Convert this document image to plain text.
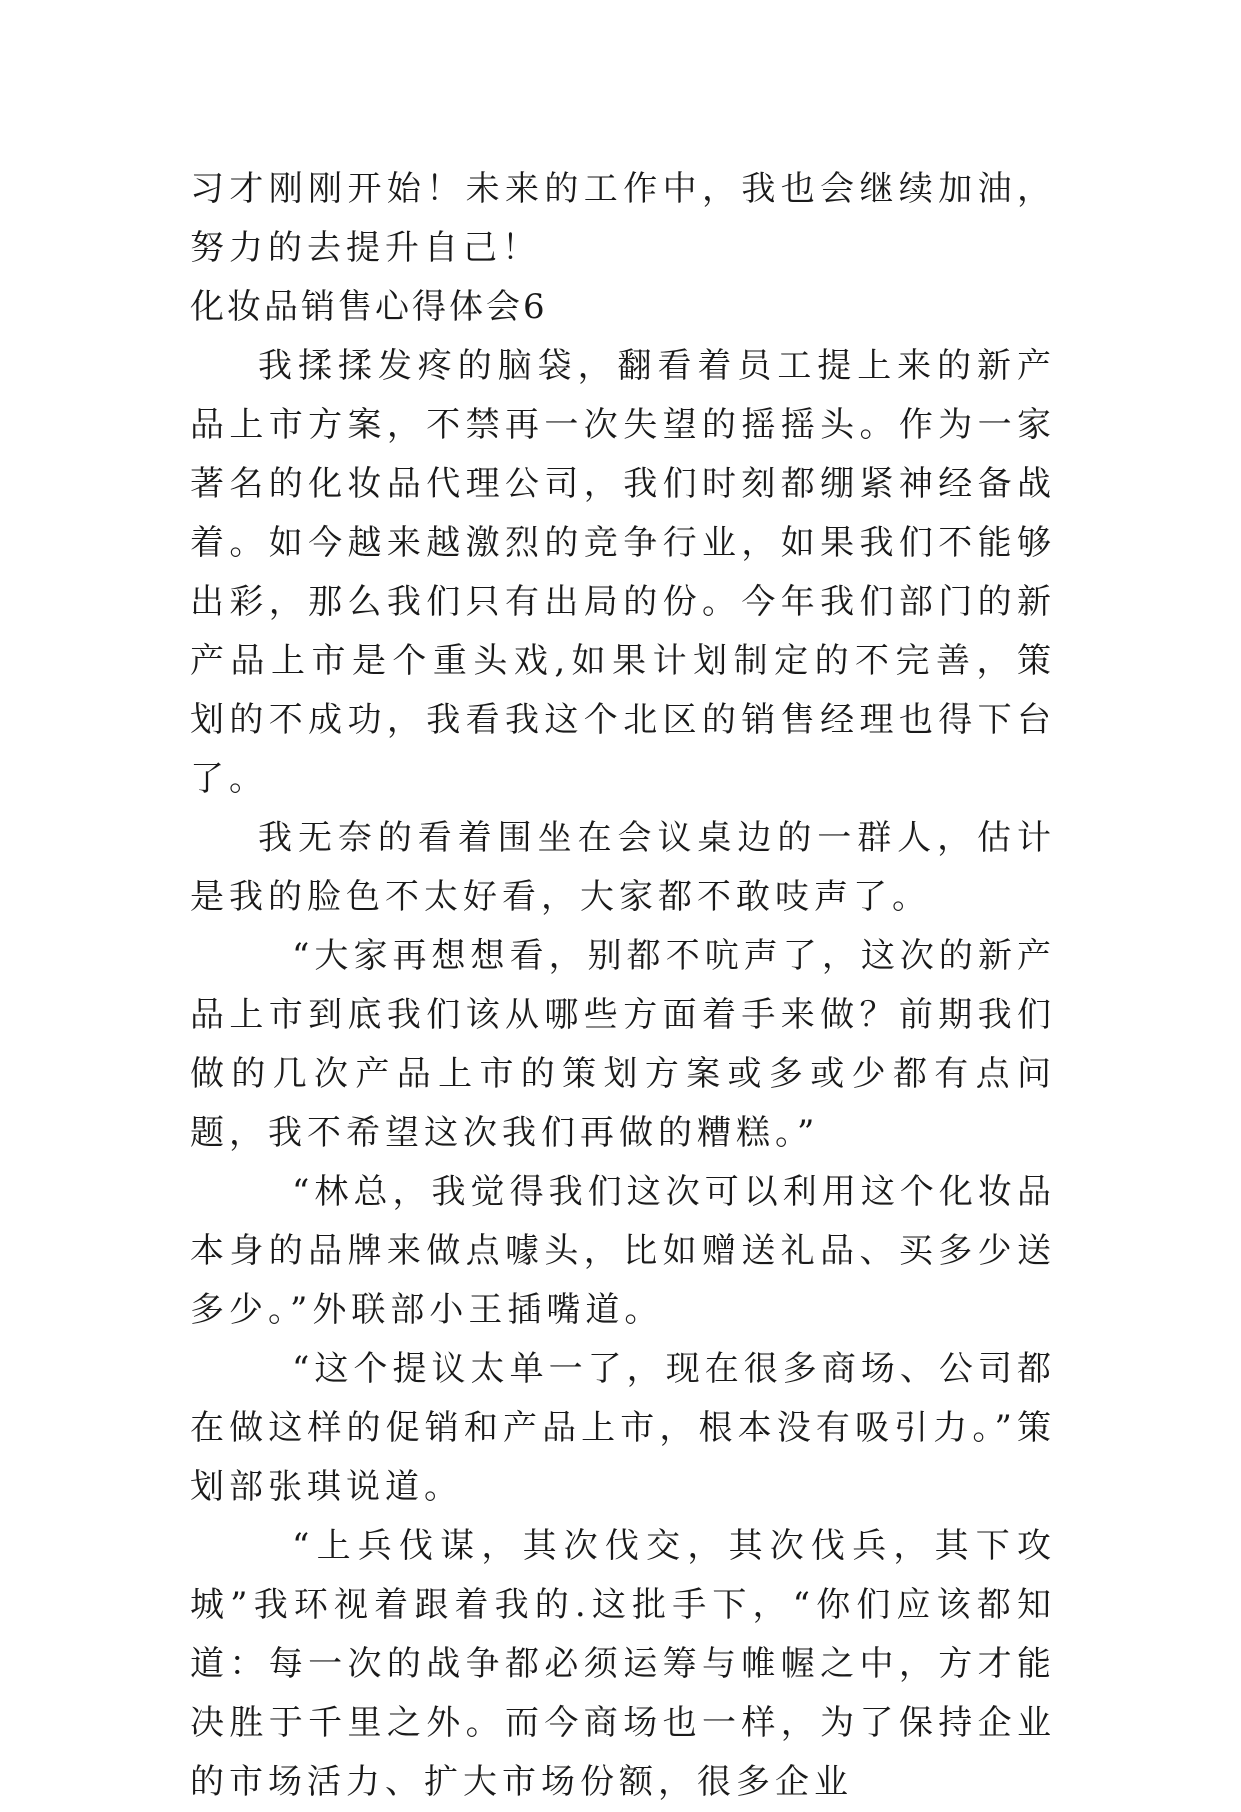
习才刚刚开始！未来的工作中，我也会继续加油，努力的去提升自己！

化妆品销售心得体会6

我揉揉发疼的脑袋，翻看着员工提上来的新产品上市方案，不禁再一次失望的摇摇头。作为一家著名的化妆品代理公司，我们时刻都绷紧神经备战着。如今越来越激烈的竞争行业，如果我们不能够出彩，那么我们只有出局的份。今年我们部门的新产品上市是个重头戏,如果计划制定的不完善，策划的不成功，我看我这个北区的销售经理也得下台了。

我无奈的看着围坐在会议桌边的一群人，估计是我的脸色不太好看，大家都不敢吱声了。

“大家再想想看，别都不吭声了，这次的新产品上市到底我们该从哪些方面着手来做？前期我们做的几次产品上市的策划方案或多或少都有点问题，我不希望这次我们再做的糟糕。”

“林总，我觉得我们这次可以利用这个化妆品本身的品牌来做点噱头，比如赠送礼品、买多少送多少。”外联部小王插嘴道。

“这个提议太单一了，现在很多商场、公司都在做这样的促销和产品上市，根本没有吸引力。”策划部张琪说道。

“上兵伐谋，其次伐交，其次伐兵，其下攻城”我环视着跟着我的.这批手下，“你们应该都知道：每一次的战争都必须运筹与帷幄之中，方才能决胜于千里之外。而今商场也一样，为了保持企业的市场活力、扩大市场份额，很多企业
